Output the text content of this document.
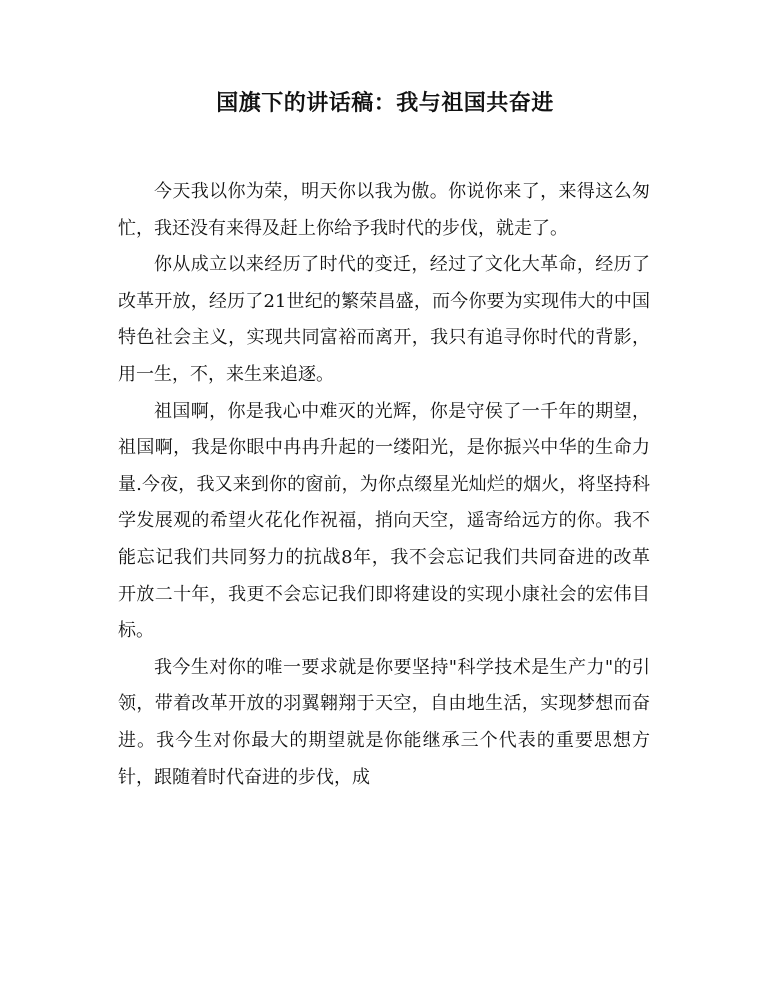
国旗下的讲话稿：我与祖国共奋进

今天我以你为荣，明天你以我为傲。你说你来了，来得这么匆忙，我还没有来得及赶上你给予我时代的步伐，就走了。

你从成立以来经历了时代的变迁，经过了文化大革命，经历了改革开放，经历了21世纪的繁荣昌盛，而今你要为实现伟大的中国特色社会主义，实现共同富裕而离开，我只有追寻你时代的背影，用一生，不，来生来追逐。

祖国啊，你是我心中难灭的光辉，你是守侯了一千年的期望，祖国啊，我是你眼中冉冉升起的一缕阳光，是你振兴中华的生命力量.今夜，我又来到你的窗前，为你点缀星光灿烂的烟火，将坚持科学发展观的希望火花化作祝福，捎向天空，遥寄给远方的你。我不能忘记我们共同努力的抗战8年，我不会忘记我们共同奋进的改革开放二十年，我更不会忘记我们即将建设的实现小康社会的宏伟目标。

我今生对你的唯一要求就是你要坚持"科学技术是生产力"的引领，带着改革开放的羽翼翱翔于天空，自由地生活，实现梦想而奋进。我今生对你最大的期望就是你能继承三个代表的重要思想方针，跟随着时代奋进的步伐，成
